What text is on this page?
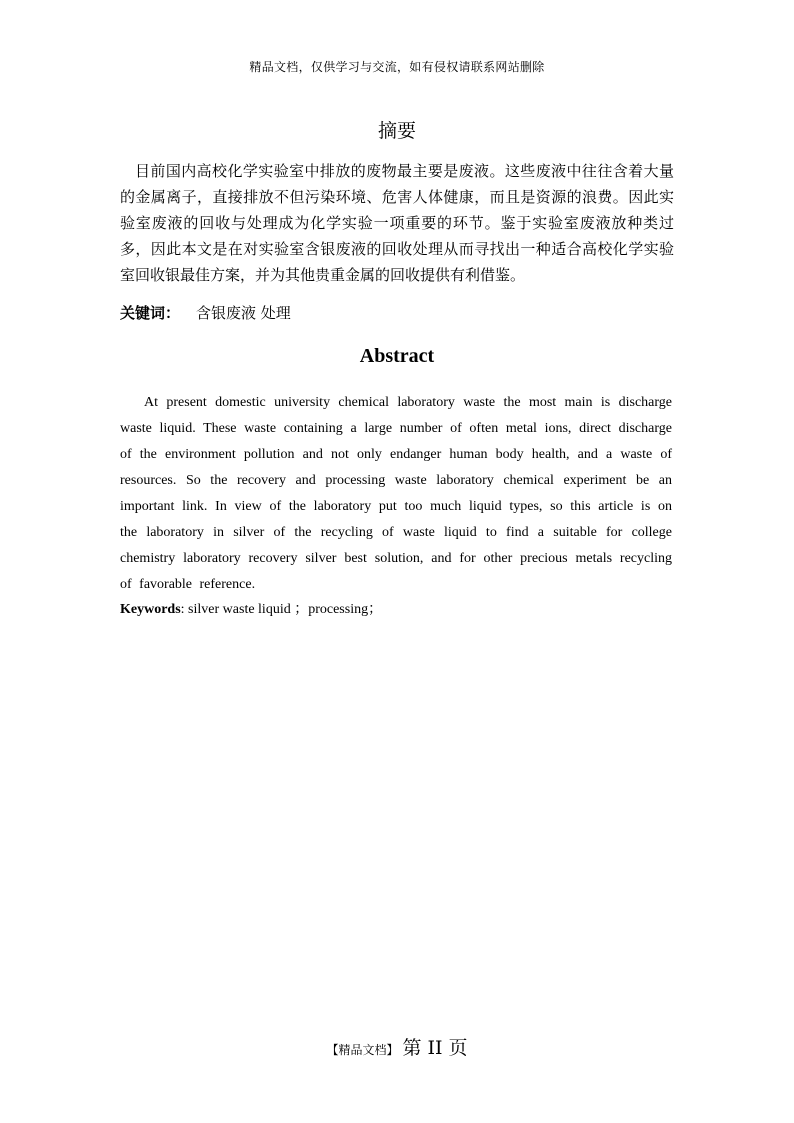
精品文档，仅供学习与交流，如有侵权请联系网站删除
摘要

目前国内高校化学实验室中排放的废物最主要是废液。这些废液中往往含着大量的金属离子，直接排放不但污染环境、危害人体健康，而且是资源的浪费。因此实验室废液的回收与处理成为化学实验一项重要的环节。鉴于实验室废液放种类过多，因此本文是在对实验室含银废液的回收处理从而寻找出一种适合高校化学实验室回收银最佳方案，并为其他贵重金属的回收提供有利借鉴。

关键词： 含银废液 处理
Abstract

At present domestic university chemical laboratory waste the most main is discharge waste liquid. These waste containing a large number of often metal ions, direct discharge of the environment pollution and not only endanger human body health, and a waste of resources. So the recovery and processing waste laboratory chemical experiment be an important link. In view of the laboratory put too much liquid types, so this article is on the laboratory in silver of the recycling of waste liquid to find a suitable for college chemistry laboratory recovery silver best solution, and for other precious metals recycling of favorable reference.

Keywords: silver waste liquid ；processing；
【精品文档】 第 II 页
